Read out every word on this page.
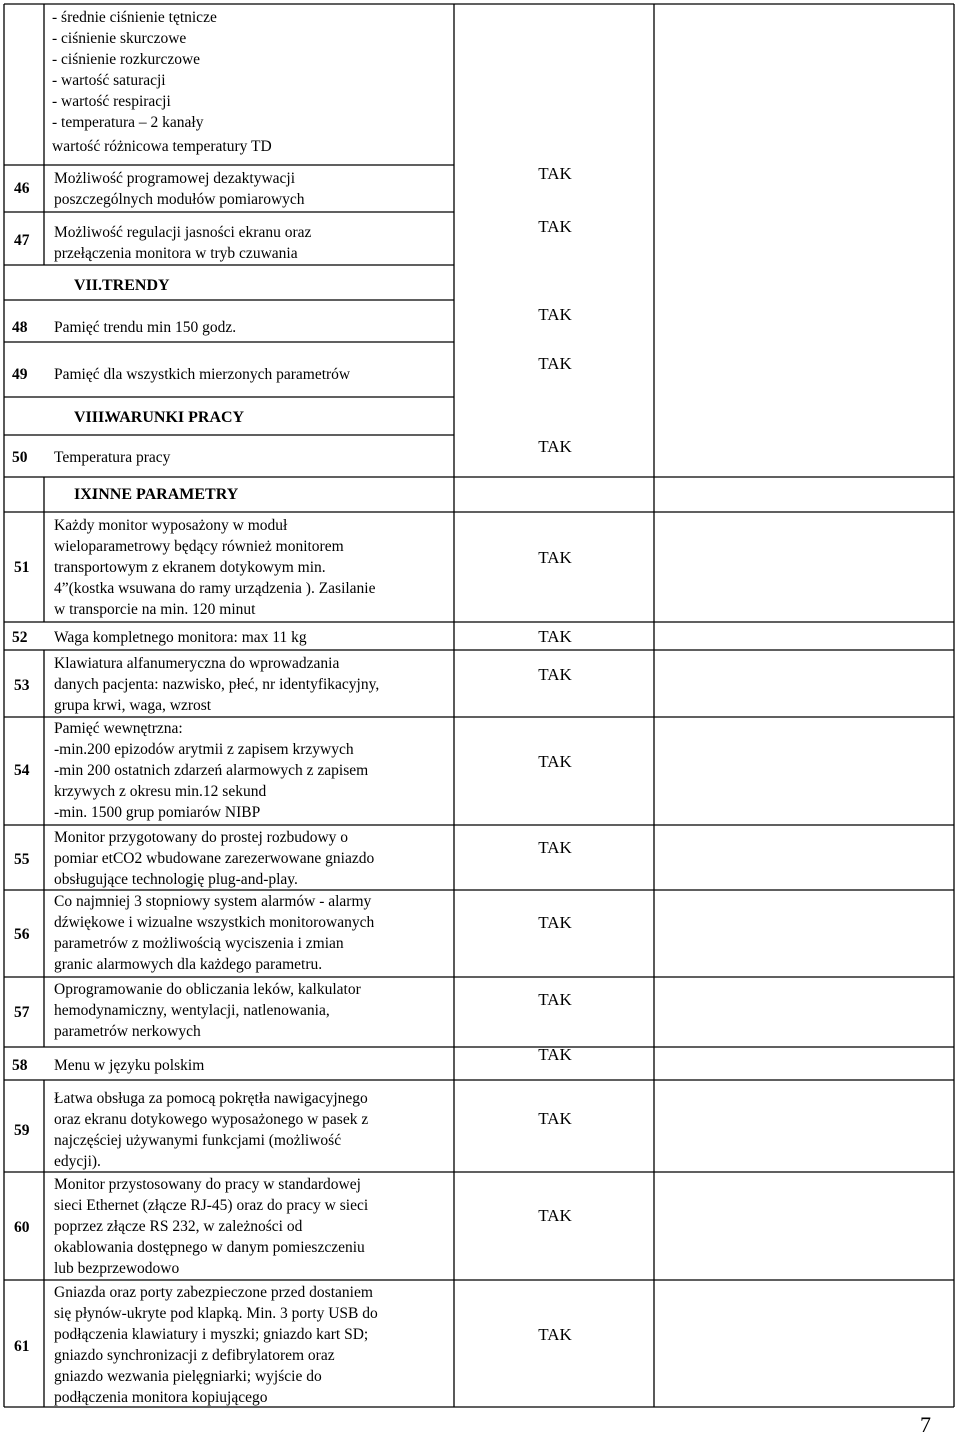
- średnie ciśnienie tętnicze
- ciśnienie skurczowe
- ciśnienie rozkurczowe
- wartość saturacji
- wartość respiracji
- temperatura – 2 kanały
wartość różnicowa temperatury TD
VII. TRENDY
VIII.
WARUNKI PRACY
IX.
INNE PARAMETRY
46
Możliwość programowej dezaktywacji
poszczególnych modułów pomiarowych
TAK
47 Możliwość regulacji jasności ekranu oraz
przełączenia monitora w tryb czuwania
TAK
48 Pamięć trendu min 150 godz.
TAK
49 Pamięć dla wszystkich mierzonych parametrów
TAK
50 Temperatura pracy
TAK
51
Każdy monitor wyposażony w moduł
wieloparametrowy będący również monitorem
transportowym z ekranem dotykowym min.
4”(kostka wsuwana do ramy urządzenia ). Zasilanie
w transporcie na min. 120 minut
TAK
52 Waga kompletnego monitora: max 11 kg	TAK
53
Klawiatura alfanumeryczna do wprowadzania
danych pacjenta: nazwisko, płeć, nr identyfikacyjny,
grupa krwi, waga, wzrost
TAK
54
Pamięć wewnętrzna:
-min.200 epizodów arytmii z zapisem krzywych
-min 200 ostatnich zdarzeń alarmowych z zapisem
krzywych z okresu min.12 sekund
-min. 1500 grup pomiarów NIBP
TAK
55
Monitor przygotowany do prostej rozbudowy o
pomiar etCO2 wbudowane zarezerwowane gniazdo
obsługujące technologię plug-and-play.
TAK
56
Co najmniej 3 stopniowy system alarmów - alarmy
dźwiękowe i wizualne wszystkich monitorowanych
parametrów z możliwością wyciszenia i zmian
granic alarmowych dla każdego parametru.
TAK
57
Oprogramowanie do obliczania leków, kalkulator
hemodynamiczny, wentylacji, natlenowania,
parametrów nerkowych
TAK
58 Menu w języku polskim
TAK
59
Łatwa obsługa za pomocą pokrętła nawigacyjnego
oraz ekranu dotykowego wyposażonego w pasek z
najczęściej używanymi funkcjami (możliwość
edycji).
TAK
60
Monitor przystosowany do pracy w standardowej
sieci Ethernet (złącze RJ-45) oraz do pracy w sieci
poprzez złącze RS 232, w zależności od
okablowania dostępnego w danym pomieszczeniu
lub bezprzewodowo
TAK
61
Gniazda oraz porty zabezpieczone przed dostaniem
się płynów-ukryte pod klapką. Min. 3 porty USB do
podłączenia klawiatury i myszki; gniazdo kart SD;
gniazdo synchronizacji z defibrylatorem oraz
gniazdo wezwania pielęgniarki; wyjście do
podłączenia monitora kopiującego
TAK
7
